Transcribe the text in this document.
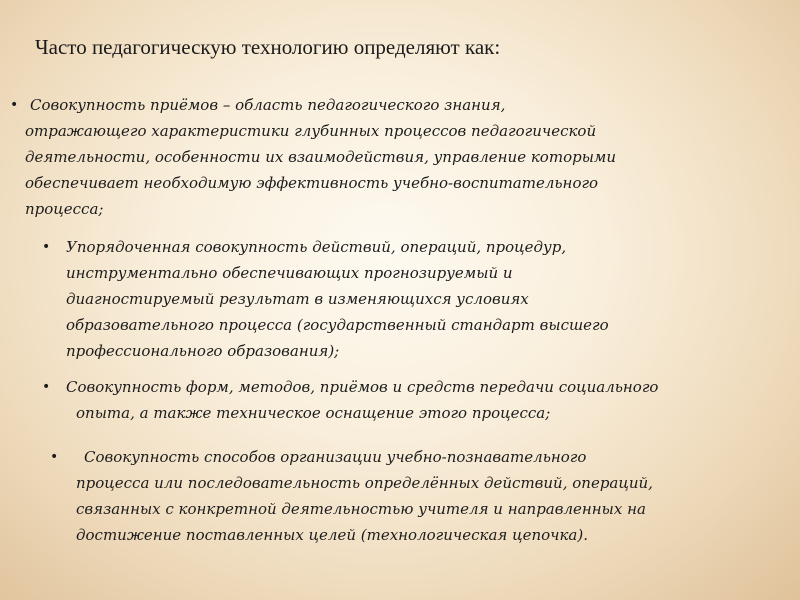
Часто педагогическую технологию определяют как:
• Совокупность приёмов – область педагогического знания,
отражающего характеристики глубинных процессов педагогической
деятельности, особенности их взаимодействия, управление которыми
обеспечивает необходимую эффективность учебно-воспитательного
процесса;
• Упорядоченная совокупность действий, операций, процедур,
инструментально обеспечивающих прогнозируемый и
диагностируемый результат в изменяющихся условиях
образовательного процесса (государственный стандарт высшего
профессионального образования);
• Совокупность форм, методов, приёмов и средств передачи социального
опыта, а также техническое оснащение этого процесса;
• Совокупность способов организации учебно-познавательного
процесса или последовательность определённых действий, операций,
связанных с конкретной деятельностью учителя и направленных на
достижение поставленных целей (технологическая цепочка).
